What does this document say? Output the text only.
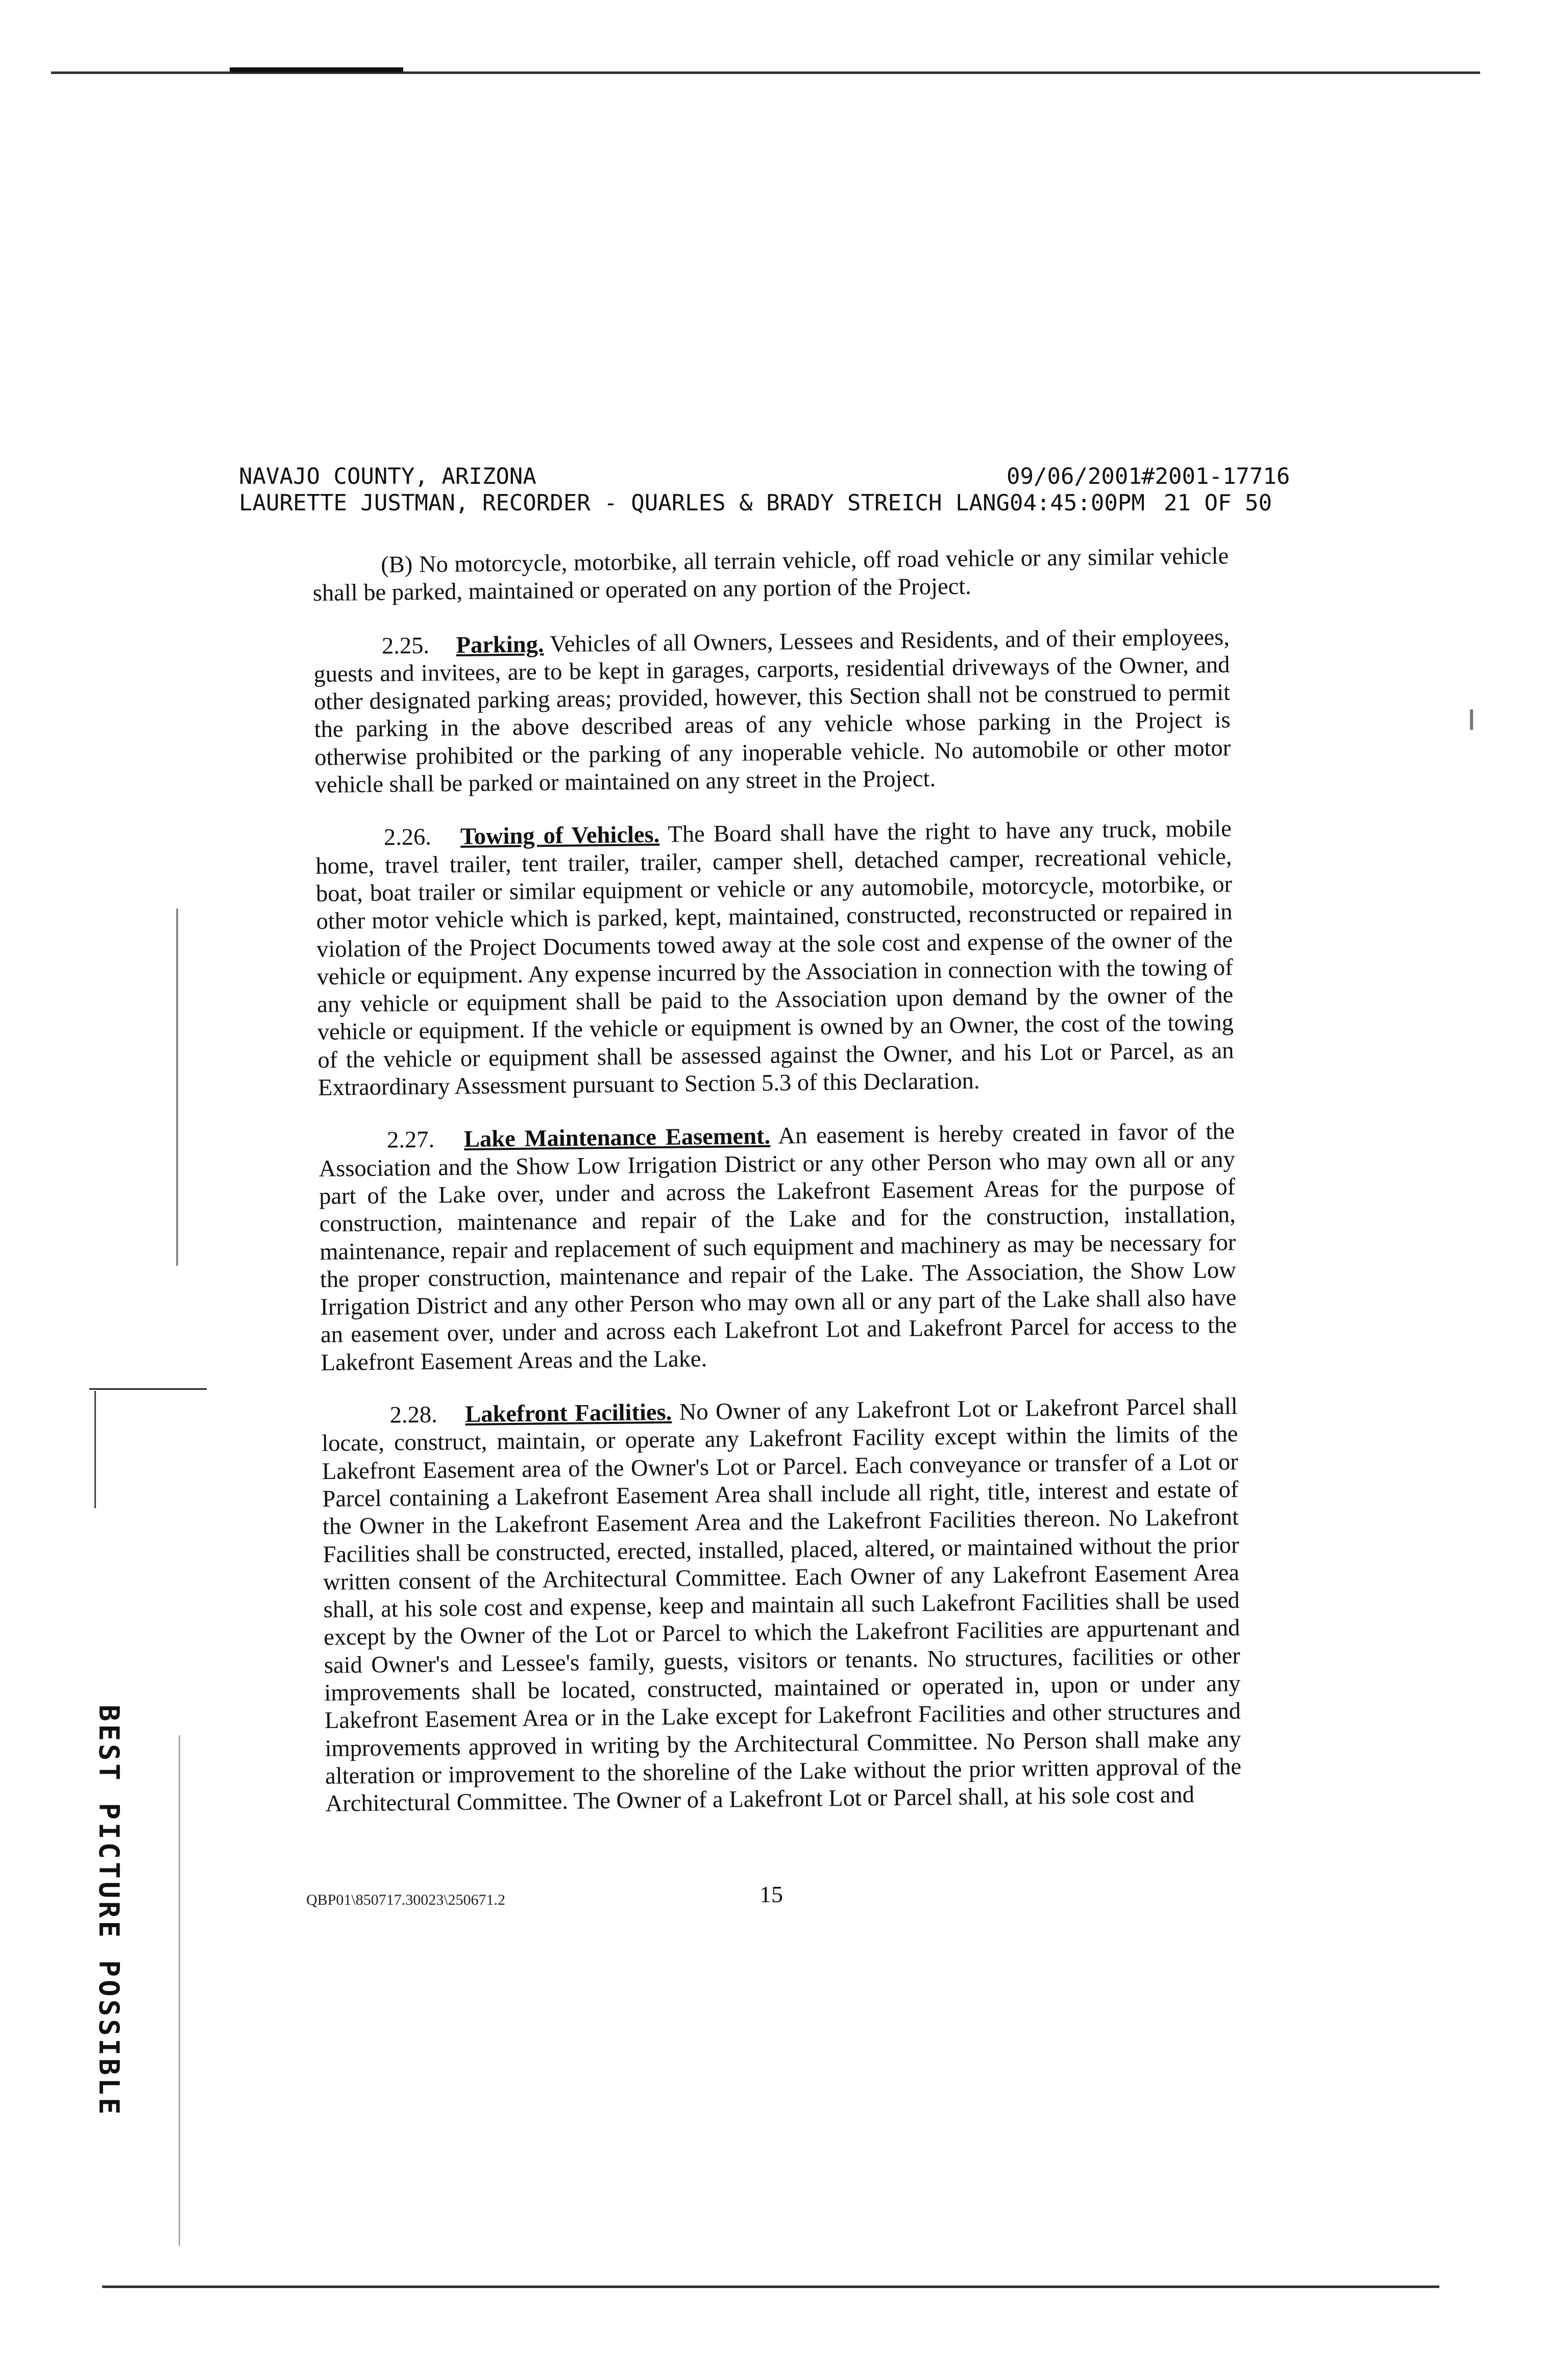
BEST PICTURE POSSIBLE
NAVAJO COUNTY, ARIZONA	09/06/2001 #2001-17716
LAURETTE JUSTMAN, RECORDER - QUARLES & BRADY STREICH LANG 04:45:00PM 21 OF 50

(B) No motorcycle, motorbike, all terrain vehicle, off road vehicle or any similar vehicle shall be parked, maintained or operated on any portion of the Project.

2.25. Parking. Vehicles of all Owners, Lessees and Residents, and of their employees, guests and invitees, are to be kept in garages, carports, residential driveways of the Owner, and other designated parking areas; provided, however, this Section shall not be construed to permit the parking in the above described areas of any vehicle whose parking in the Project is otherwise prohibited or the parking of any inoperable vehicle. No automobile or other motor vehicle shall be parked or maintained on any street in the Project.

2.26. Towing of Vehicles. The Board shall have the right to have any truck, mobile home, travel trailer, tent trailer, trailer, camper shell, detached camper, recreational vehicle, boat, boat trailer or similar equipment or vehicle or any automobile, motorcycle, motorbike, or other motor vehicle which is parked, kept, maintained, constructed, reconstructed or repaired in violation of the Project Documents towed away at the sole cost and expense of the owner of the vehicle or equipment. Any expense incurred by the Association in connection with the towing of any vehicle or equipment shall be paid to the Association upon demand by the owner of the vehicle or equipment. If the vehicle or equipment is owned by an Owner, the cost of the towing of the vehicle or equipment shall be assessed against the Owner, and his Lot or Parcel, as an Extraordinary Assessment pursuant to Section 5.3 of this Declaration.

2.27. Lake Maintenance Easement. An easement is hereby created in favor of the Association and the Show Low Irrigation District or any other Person who may own all or any part of the Lake over, under and across the Lakefront Easement Areas for the purpose of construction, maintenance and repair of the Lake and for the construction, installation, maintenance, repair and replacement of such equipment and machinery as may be necessary for the proper construction, maintenance and repair of the Lake. The Association, the Show Low Irrigation District and any other Person who may own all or any part of the Lake shall also have an easement over, under and across each Lakefront Lot and Lakefront Parcel for access to the Lakefront Easement Areas and the Lake.

2.28. Lakefront Facilities. No Owner of any Lakefront Lot or Lakefront Parcel shall locate, construct, maintain, or operate any Lakefront Facility except within the limits of the Lakefront Easement area of the Owner's Lot or Parcel. Each conveyance or transfer of a Lot or Parcel containing a Lakefront Easement Area shall include all right, title, interest and estate of the Owner in the Lakefront Easement Area and the Lakefront Facilities thereon. No Lakefront Facilities shall be constructed, erected, installed, placed, altered, or maintained without the prior written consent of the Architectural Committee. Each Owner of any Lakefront Easement Area shall, at his sole cost and expense, keep and maintain all such Lakefront Facilities shall be used except by the Owner of the Lot or Parcel to which the Lakefront Facilities are appurtenant and said Owner's and Lessee's family, guests, visitors or tenants. No structures, facilities or other improvements shall be located, constructed, maintained or operated in, upon or under any Lakefront Easement Area or in the Lake except for Lakefront Facilities and other structures and improvements approved in writing by the Architectural Committee. No Person shall make any alteration or improvement to the shoreline of the Lake without the prior written approval of the Architectural Committee. The Owner of a Lakefront Lot or Parcel shall, at his sole cost and

QBP01\850717.30023\250671.2	15
